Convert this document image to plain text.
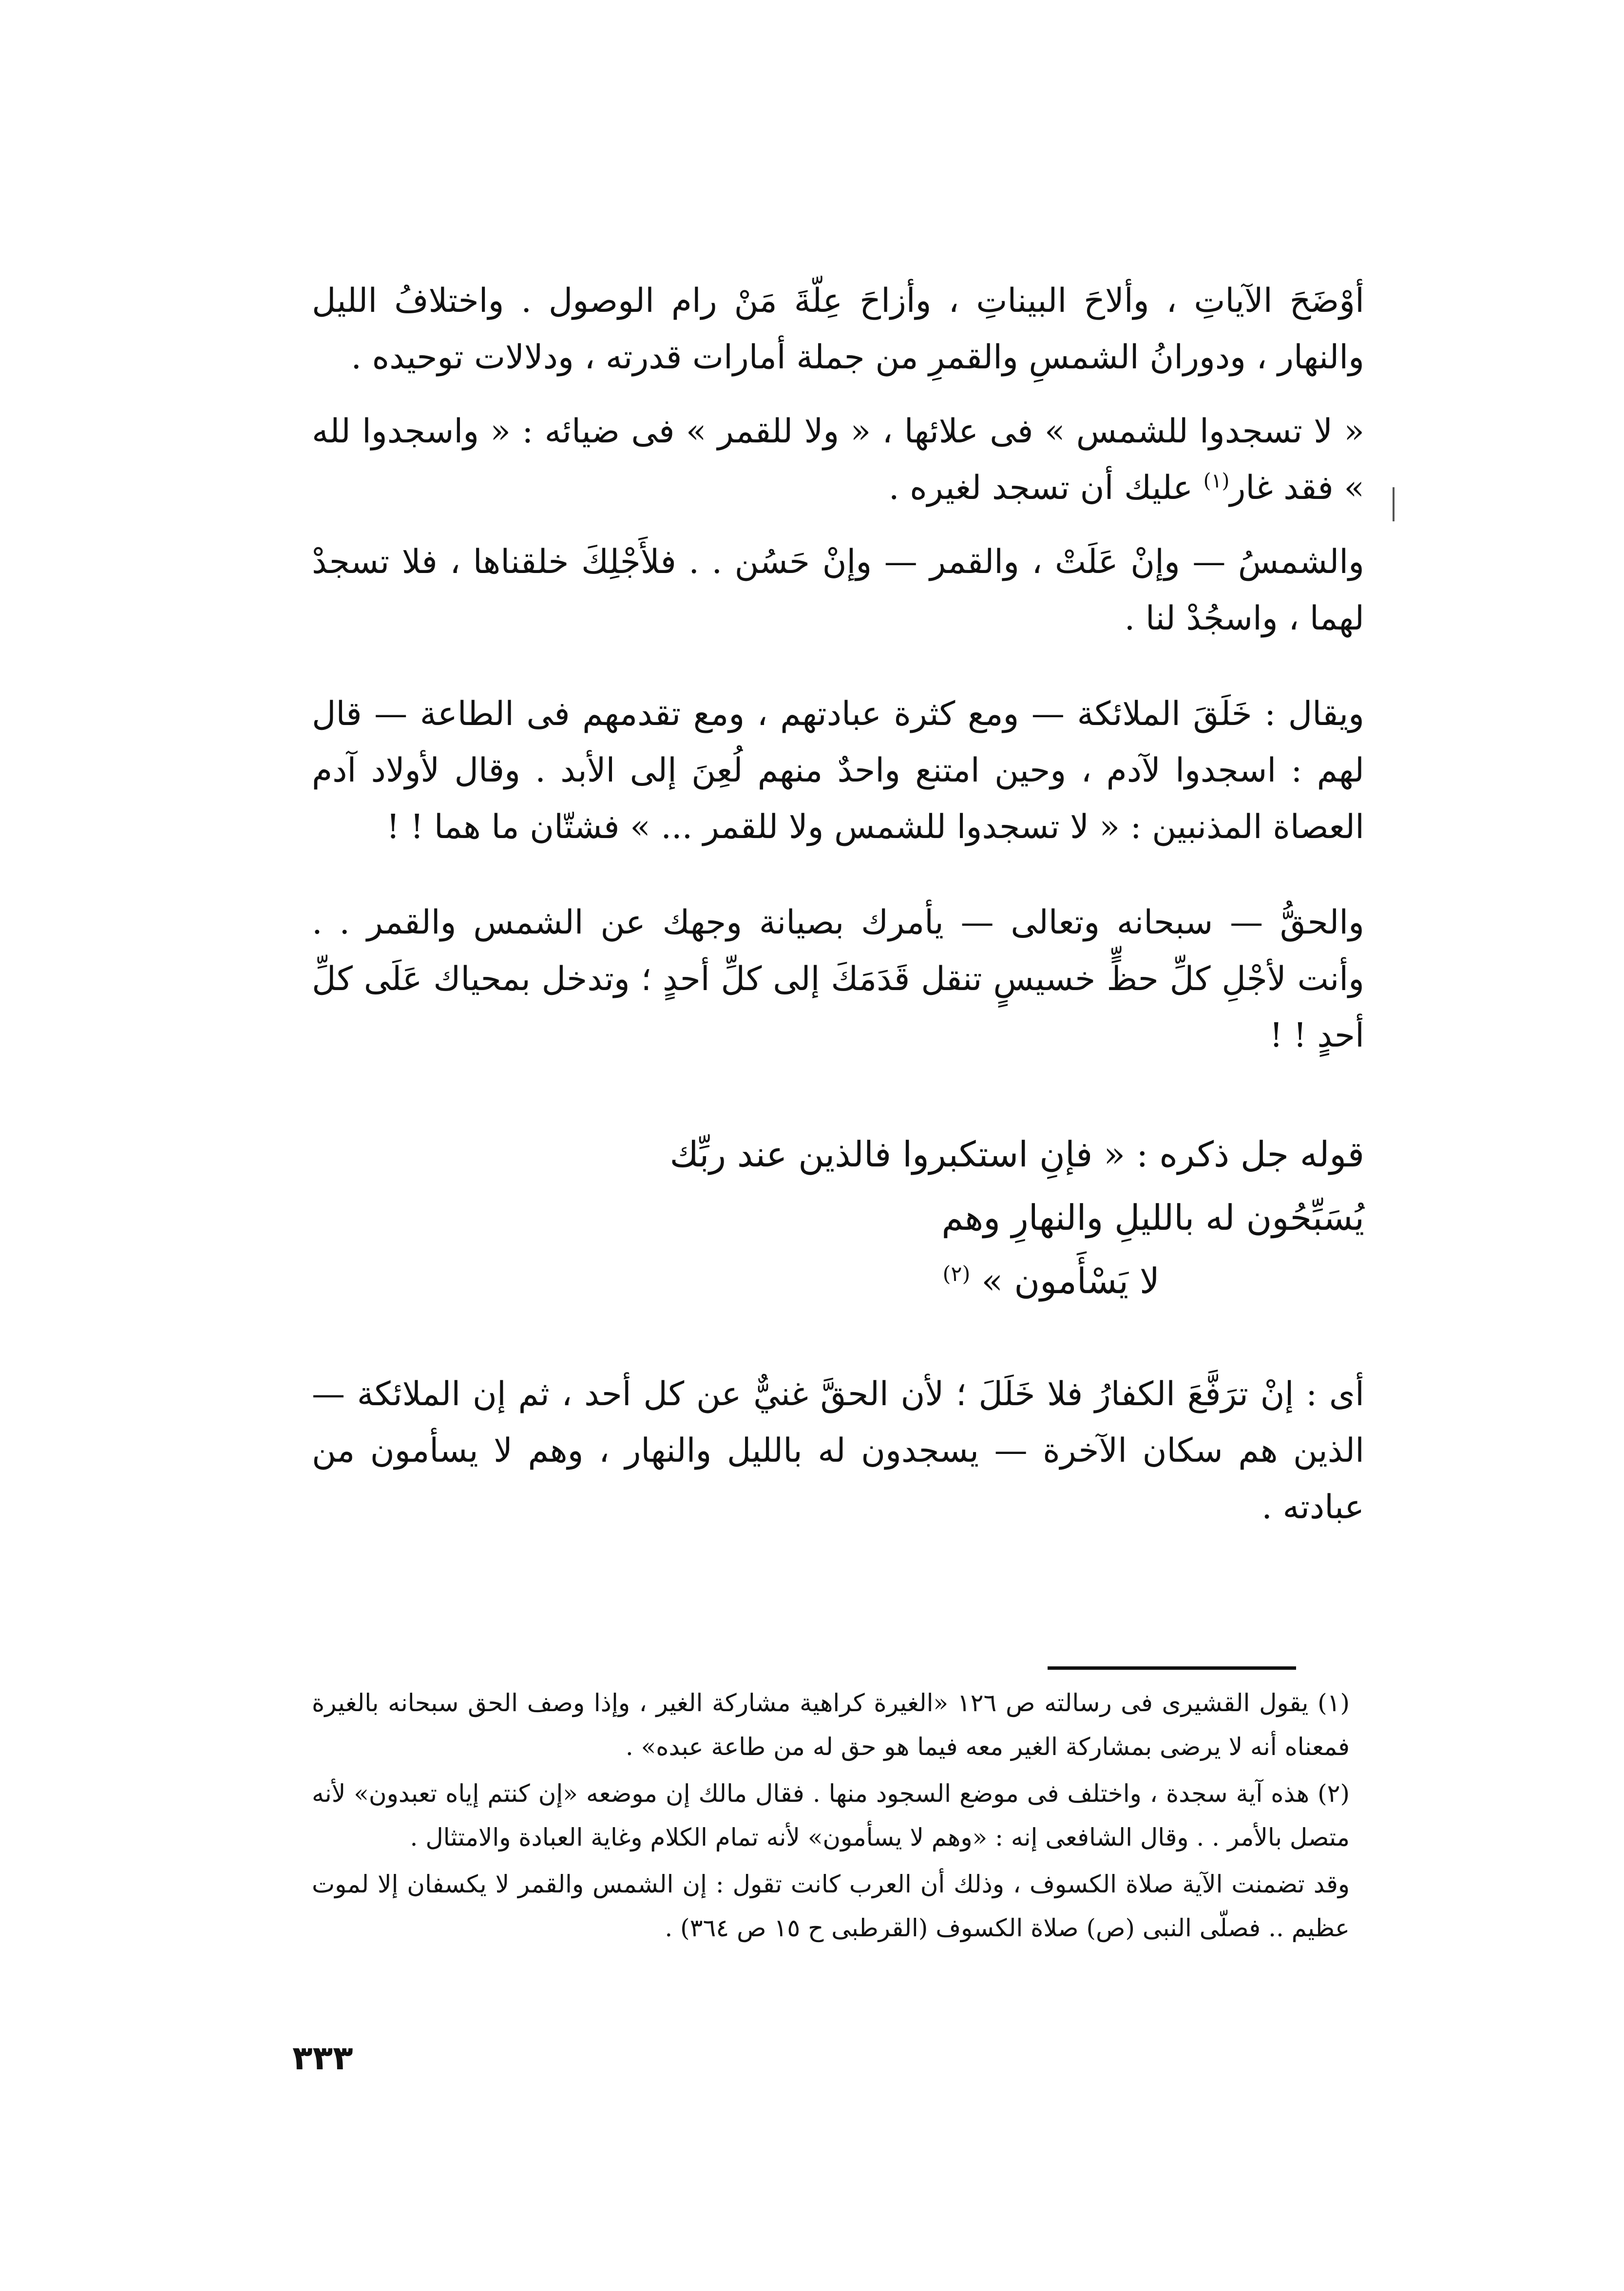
أوْضَحَ الآياتِ ، وألاحَ البيناتِ ، وأزاحَ عِلّةَ مَنْ رام الوصول . واختلافُ الليل والنهار ، ودورانُ الشمسِ والقمرِ من جملة أمارات قدرته ، ودلالات توحيده .

« لا تسجدوا للشمس » فى علائها ، « ولا للقمر » فى ضيائه : « واسجدوا لله » فقد غار$^{(١)}$ عليك أن تسجد لغيره .

والشمسُ — وإنْ عَلَتْ ، والقمر — وإنْ حَسُن . . فلأَجْلِكَ خلقناها ، فلا تسجدْ لهما ، واسجُدْ لنا .

ويقال : خَلَقَ الملائكة — ومع كثرة عبادتهم ، ومع تقدمهم فى الطاعة — قال لهم : اسجدوا لآدم ، وحين امتنع واحدٌ منهم لُعِنَ إلى الأبد . وقال لأولاد آدم العصاة المذنبين : « لا تسجدوا للشمس ولا للقمر ... » فشتّان ما هما ! !

والحقُّ — سبحانه وتعالى — يأمرك بصيانة وجهك عن الشمس والقمر . . وأنت لأجْلِ كلِّ حظٍّ خسيسٍ تنقل قَدَمَكَ إلى كلِّ أحدٍ ؛ وتدخل بمحياك عَلَى كلِّ أحدٍ ! !

قوله جل ذكره : « فإنِ استكبروا فالذين عند ربِّك
يُسَبِّحُون له بالليلِ والنهارِ وهم
لا يَسْأَمون » $^{(٢)}$

أى : إنْ ترَفَّعَ الكفارُ فلا خَلَلَ ؛ لأن الحقَّ غنيٌّ عن كل أحد ، ثم إن الملائكة — الذين هم سكان الآخرة — يسجدون له بالليل والنهار ، وهم لا يسأمون من عبادته .

(١) يقول القشيرى فى رسالته ص ١٢٦ «الغيرة كراهية مشاركة الغير ، وإذا وصف الحق سبحانه بالغيرة فمعناه أنه لا يرضى بمشاركة الغير معه فيما هو حق له من طاعة عبده» .

(٢) هذه آية سجدة ، واختلف فى موضع السجود منها . فقال مالك إن موضعه «إن كنتم إياه تعبدون» لأنه متصل بالأمر . . وقال الشافعى إنه : «وهم لا يسأمون» لأنه تمام الكلام وغاية العبادة والامتثال .

وقد تضمنت الآية صلاة الكسوف ، وذلك أن العرب كانت تقول : إن الشمس والقمر لا يكسفان إلا لموت عظيم .. فصلّى النبى (ص) صلاة الكسوف (القرطبى ح ١٥ ص ٣٦٤) .

٣٣٣
